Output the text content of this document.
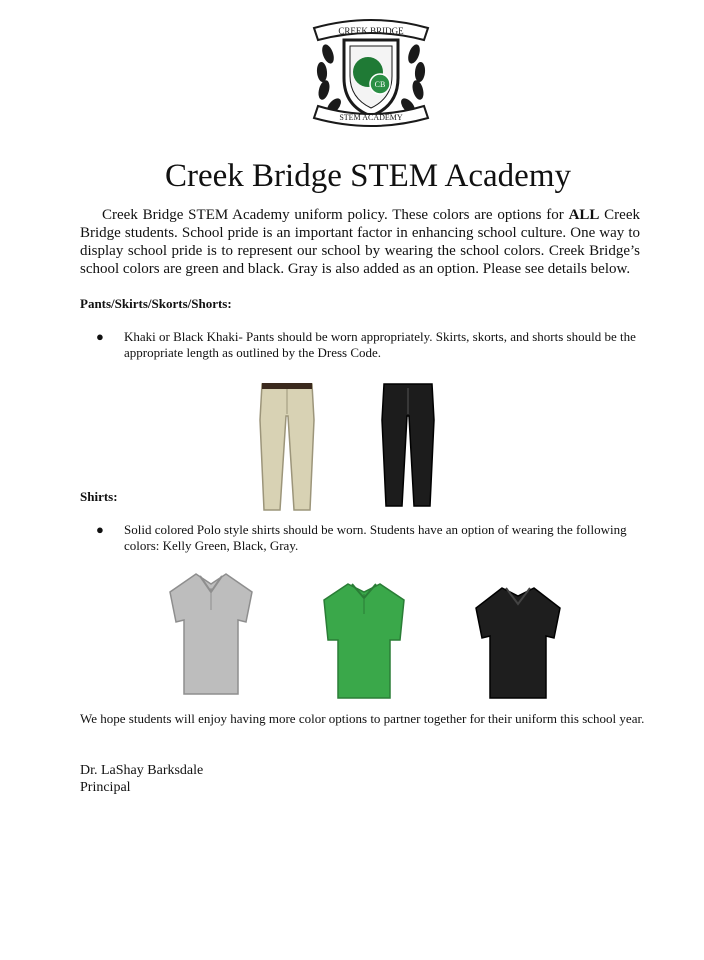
CB
CREEK BRIDGE
STEM ACADEMY
Creek Bridge STEM Academy

Creek Bridge STEM Academy uniform policy. These colors are options for ALL Creek Bridge students. School pride is an important factor in enhancing school culture. One way to display school pride is to represent our school by wearing the school colors. Creek Bridge’s school colors are green and black. Gray is also added as an option. Please see details below.

Pants/Skirts/Skorts/Shorts:

● Khaki or Black Khaki- Pants should be worn appropriately. Skirts, skorts, and shorts should be the appropriate length as outlined by the Dress Code.

Shirts:

● Solid colored Polo style shirts should be worn. Students have an option of wearing the following colors: Kelly Green, Black, Gray.

We hope students will enjoy having more color options to partner together for their uniform this school year.

Dr. LaShay Barksdale
Principal
